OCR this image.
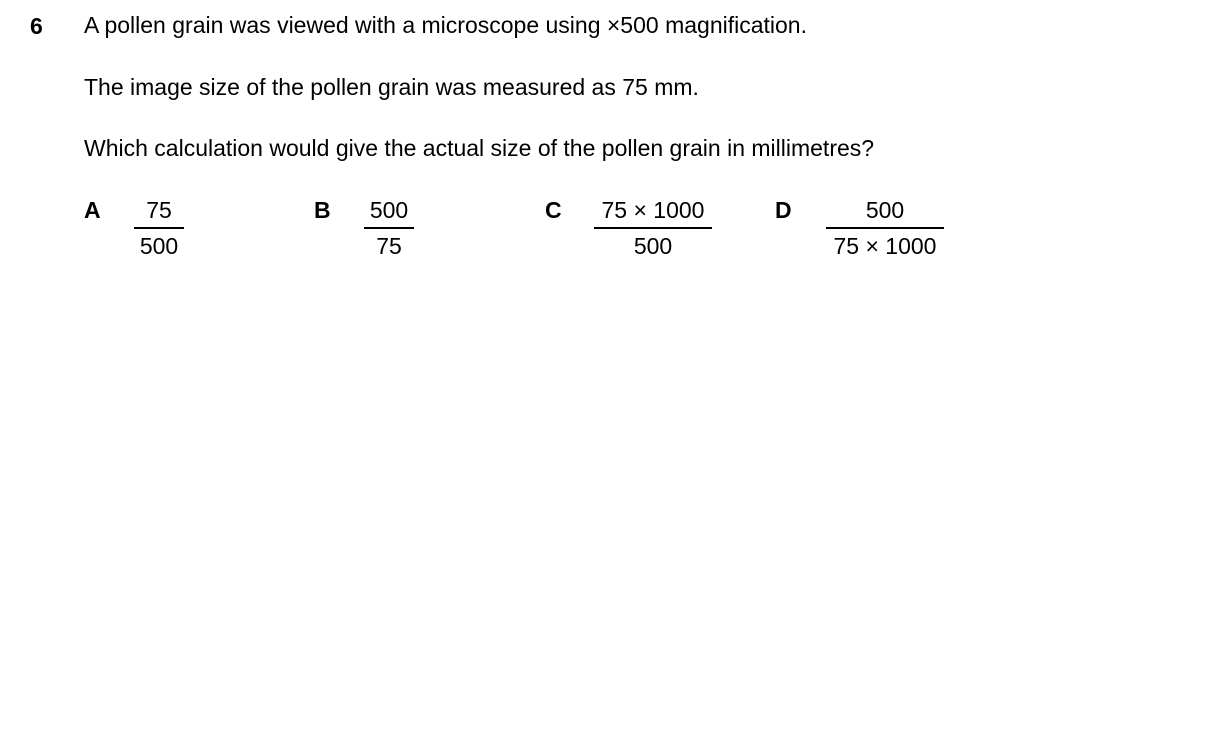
6 A pollen grain was viewed with a microscope using ×500 magnification.
The image size of the pollen grain was measured as 75 mm.
Which calculation would give the actual size of the pollen grain in millimetres?
A $\frac{75}{500}$	B $\frac{500}{75}$	C $\frac{75 \times 1000}{500}$	D $\frac{500}{75 \times 1000}$
